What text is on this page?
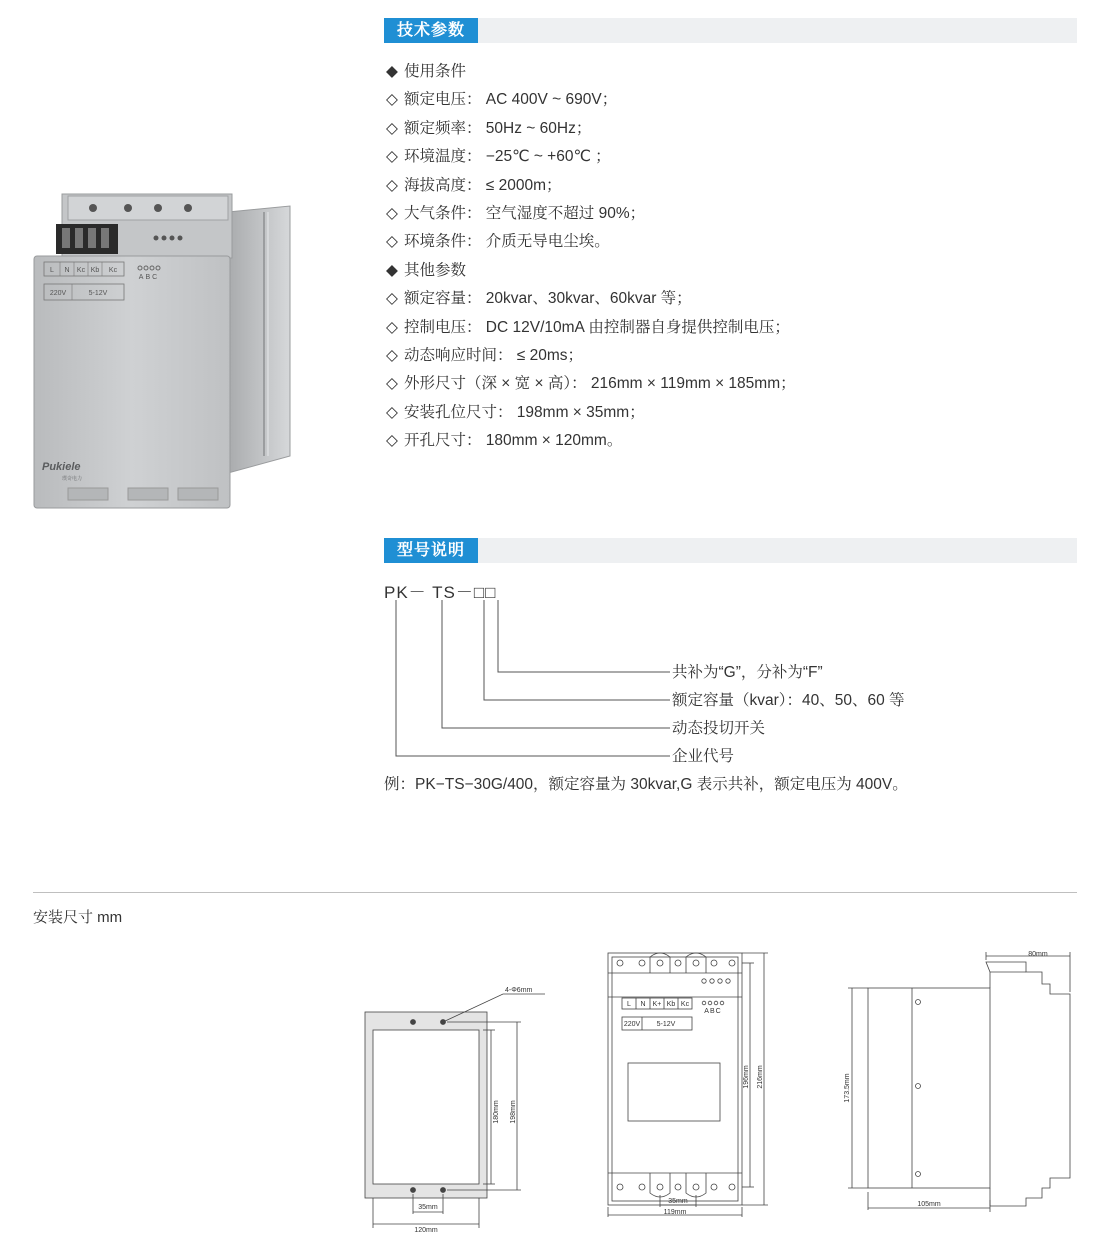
L N Kc Kb Kc
ABC
220V	5-12V
Pukiele
璞奇电力
技术参数
◆ 使用条件
◇ 额定电压： AC 400V ~ 690V；
◇ 额定频率： 50Hz ~ 60Hz；
◇ 环境温度： −25℃ ~ +60℃ ；
◇ 海拔高度： ≤ 2000m；
◇ 大气条件： 空气湿度不超过 90%；
◇ 环境条件： 介质无导电尘埃。
◆ 其他参数
◇ 额定容量： 20kvar、30kvar、60kvar 等；
◇ 控制电压： DC 12V/10mA 由控制器自身提供控制电压；
◇ 动态响应时间： ≤ 20ms；
◇ 外形尺寸（深 × 宽 × 高）： 216mm × 119mm × 185mm；
◇ 安装孔位尺寸： 198mm × 35mm；
◇ 开孔尺寸： 180mm × 120mm。
型号说明
PK－ TS－□□
共补为“G”，分补为“F”
额定容量（kvar）：40、50、60 等
动态投切开关
企业代号
例：PK−TS−30G/400，额定容量为 30kvar,G 表示共补，额定电压为 400V。
安装尺寸 mm
4-Φ6mm
180mm 198mm
35mm
120mm
L N K+ Kb Kc
ABC
220V 5-12V
196mm 216mm
35mm
119mm
80mm
173.5mm
105mm
